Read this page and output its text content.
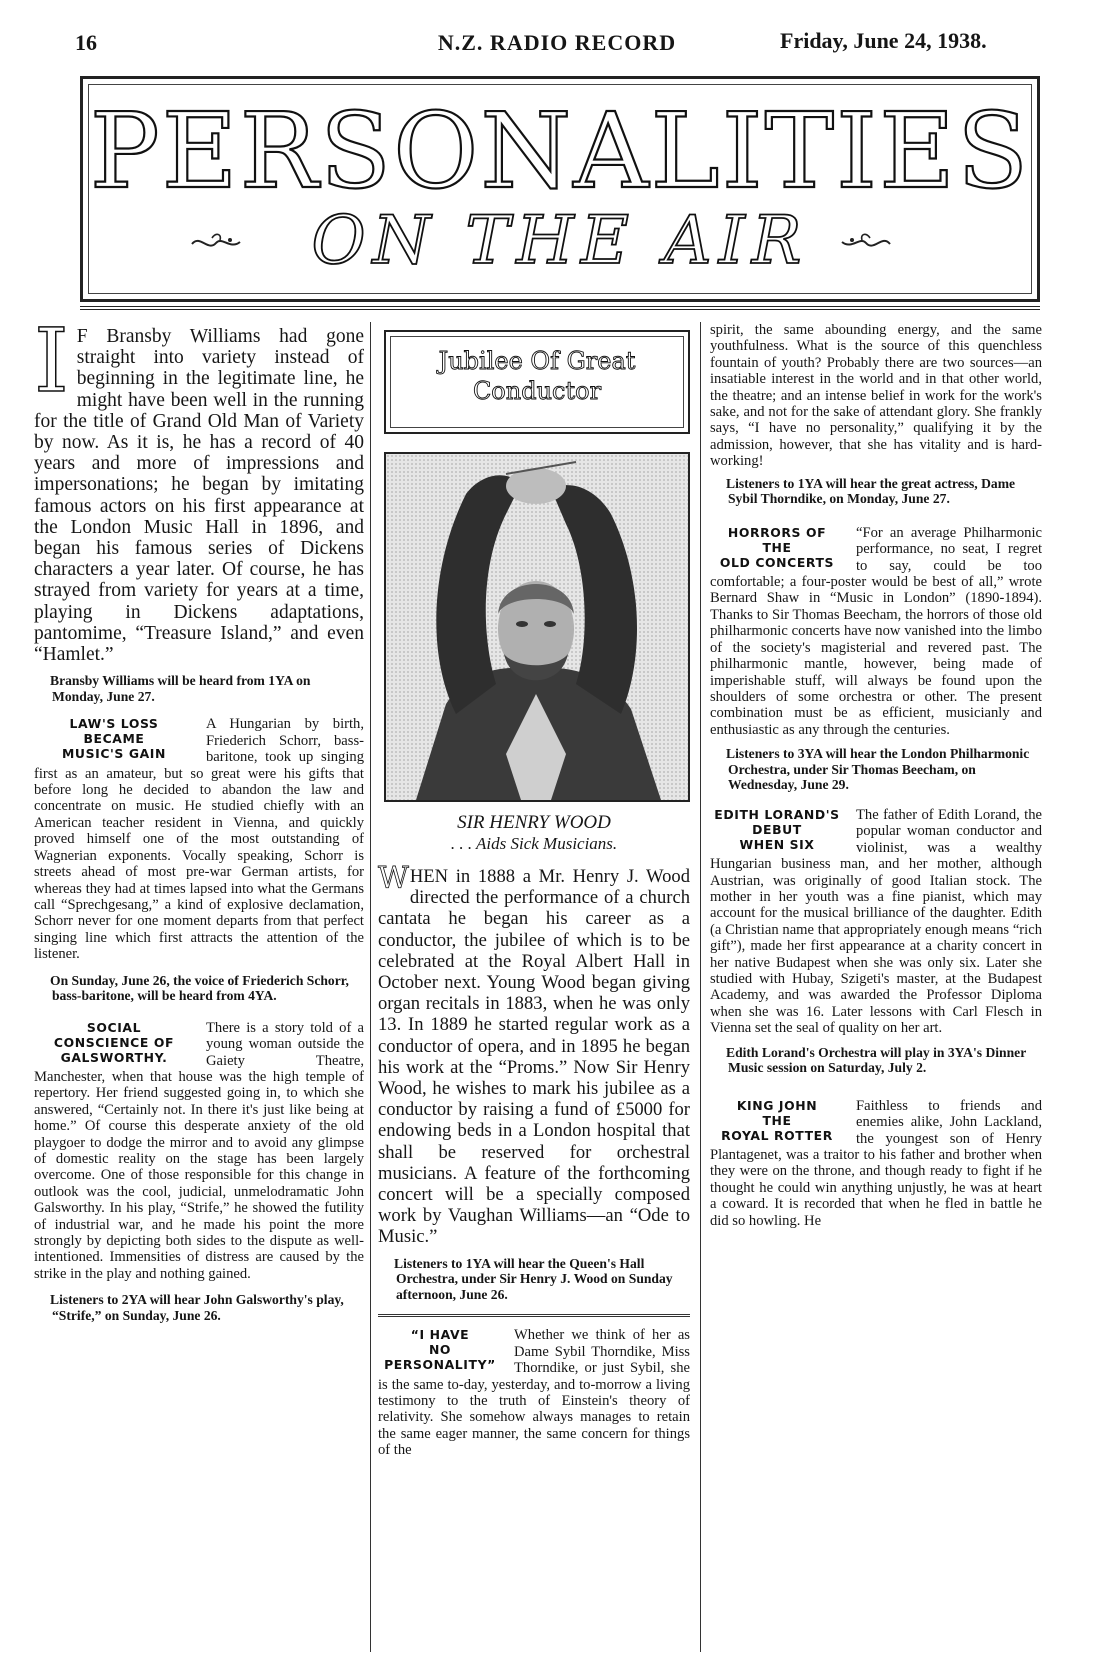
16	N.Z. RADIO RECORD	Friday, June 24, 1938.
PERSONALITIES
ON THE AIR
I F Bransby Williams had gone straight into variety instead of beginning in the legitimate line, he might have been well in the running for the title of Grand Old Man of Variety by now. As it is, he has a record of 40 years and more of impressions and impersonations; he began by imitating famous actors on his first appearance at the London Music Hall in 1896, and began his famous series of Dickens characters a year later. Of course, he has strayed from variety for years at a time, playing in Dickens adaptations, pantomime, “Treasure Island,” and even “Hamlet.”

Bransby Williams will be heard from 1YA on Monday, June 27.

LAW'S LOSS
BECAME
MUSIC'S GAIN

A Hungarian by birth, Friederich Schorr, bass-baritone, took up singing first as an amateur, but so great were his gifts that before long he decided to abandon the law and concentrate on music. He studied chiefly with an American teacher resident in Vienna, and quickly proved himself one of the most outstanding of Wagnerian exponents. Vocally speaking, Schorr is streets ahead of most pre-war German artists, for whereas they had at times lapsed into what the Germans call “Sprechgesang,” a kind of explosive declamation, Schorr never for one moment departs from that perfect singing line which first attracts the attention of the listener.

On Sunday, June 26, the voice of Friederich Schorr, bass-baritone, will be heard from 4YA.

SOCIAL
CONSCIENCE OF
GALSWORTHY.

There is a story told of a young woman outside the Gaiety Theatre, Manchester, when that house was the high temple of repertory. Her friend suggested going in, to which she answered, “Certainly not. In there it's just like being at home.” Of course this desperate anxiety of the old playgoer to dodge the mirror and to avoid any glimpse of domestic reality on the stage has been largely overcome. One of those responsible for this change in outlook was the cool, judicial, unmelodramatic John Galsworthy. In his play, “Strife,” he showed the futility of industrial war, and he made his point the more strongly by depicting both sides to the dispute as well-intentioned. Immensities of distress are caused by the strike in the play and nothing gained.

Listeners to 2YA will hear John Galsworthy's play, “Strife,” on Sunday, June 26.

Jubilee Of Great Conductor
SIR HENRY WOOD
. . . Aids Sick Musicians.
W HEN in 1888 a Mr. Henry J. Wood directed the performance of a church cantata he began his career as a conductor, the jubilee of which is to be celebrated at the Royal Albert Hall in October next. Young Wood began giving organ recitals in 1883, when he was only 13. In 1889 he started regular work as a conductor of opera, and in 1895 he began his work at the “Proms.” Now Sir Henry Wood, he wishes to mark his jubilee as a conductor by raising a fund of £5000 for endowing beds in a London hospital that shall be reserved for orchestral musicians. A feature of the forthcoming concert will be a specially composed work by Vaughan Williams—an “Ode to Music.”

Listeners to 1YA will hear the Queen's Hall Orchestra, under Sir Henry J. Wood on Sunday afternoon, June 26.

“I HAVE
NO
PERSONALITY”

Whether we think of her as Dame Sybil Thorndike, Miss Thorndike, or just Sybil, she is the same to-day, yesterday, and to-morrow a living testimony to the truth of Einstein's theory of relativity. She somehow always manages to retain the same eager manner, the same concern for things of the

spirit, the same abounding energy, and the same youthfulness. What is the source of this quenchless fountain of youth? Probably there are two sources—an insatiable interest in the world and in that other world, the theatre; and an intense belief in work for the work's sake, and not for the sake of attendant glory. She frankly says, “I have no personality,” qualifying it by the admission, however, that she has vitality and is hard-working!

Listeners to 1YA will hear the great actress, Dame Sybil Thorndike, on Monday, June 27.

HORRORS OF
THE
OLD CONCERTS

“For an average Philharmonic performance, no seat, I regret to say, could be too comfortable; a four-poster would be best of all,” wrote Bernard Shaw in “Music in London” (1890-1894). Thanks to Sir Thomas Beecham, the horrors of those old philharmonic concerts have now vanished into the limbo of the society's magisterial and revered past. The philharmonic mantle, however, being made of imperishable stuff, will always be found upon the shoulders of some orchestra or other. The present combination must be as efficient, musicianly and enthusiastic as any through the centuries.

Listeners to 3YA will hear the London Philharmonic Orchestra, under Sir Thomas Beecham, on Wednesday, June 29.

EDITH LORAND'S
DEBUT
WHEN SIX

The father of Edith Lorand, the popular woman conductor and violinist, was a wealthy Hungarian business man, and her mother, although Austrian, was originally of good Italian stock. The mother in her youth was a fine pianist, which may account for the musical brilliance of the daughter. Edith (a Christian name that appropriately enough means “rich gift”), made her first appearance at a charity concert in her native Budapest when she was only six. Later she studied with Hubay, Szigeti's master, at the Budapest Academy, and was awarded the Professor Diploma when she was 16. Later lessons with Carl Flesch in Vienna set the seal of quality on her art.

Edith Lorand's Orchestra will play in 3YA's Dinner Music session on Saturday, July 2.

KING JOHN
THE
ROYAL ROTTER

Faithless to friends and enemies alike, John Lackland, the youngest son of Henry Plantagenet, was a traitor to his father and brother when they were on the throne, and though ready to fight if he thought he could win anything unjustly, he was at heart a coward. It is recorded that when he fled in battle he did so howling. He
